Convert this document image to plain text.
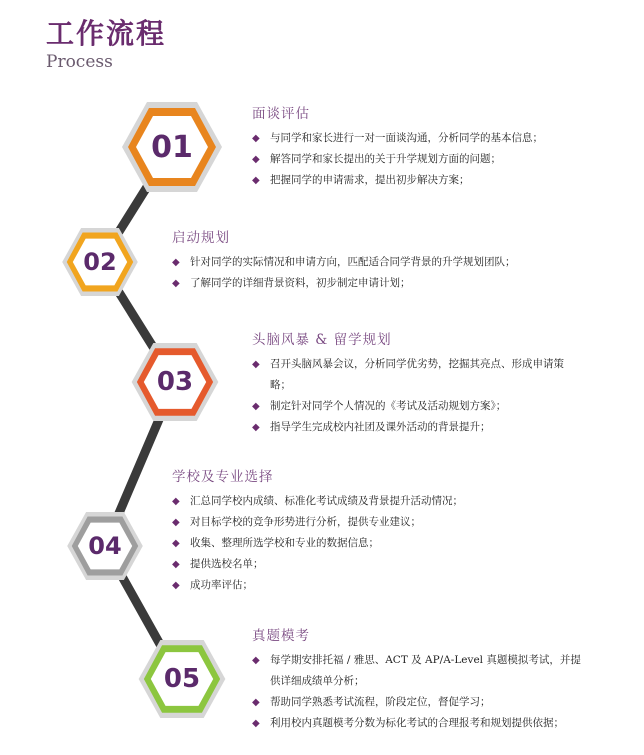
工作流程
Process
01
02
03
04
05
面谈评估
◆ 与同学和家长进行一对一面谈沟通，分析同学的基本信息；
◆ 解答同学和家长提出的关于升学规划方面的问题；
◆ 把握同学的申请需求，提出初步解决方案；
启动规划
◆ 针对同学的实际情况和申请方向，匹配适合同学背景的升学规划团队；
◆ 了解同学的详细背景资料，初步制定申请计划；
头脑风暴 & 留学规划
◆ 召开头脑风暴会议，分析同学优劣势，挖掘其亮点、形成申请策略；
◆ 制定针对同学个人情况的《考试及活动规划方案》；
◆ 指导学生完成校内社团及课外活动的背景提升；
学校及专业选择
◆ 汇总同学校内成绩、标准化考试成绩及背景提升活动情况；
◆ 对目标学校的竞争形势进行分析，提供专业建议；
◆ 收集、整理所选学校和专业的数据信息；
◆ 提供选校名单；
◆ 成功率评估；
真题模考
◆ 每学期安排托福 / 雅思、ACT 及 AP/A-Level 真题模拟考试，并提供详细成绩单分析；
◆ 帮助同学熟悉考试流程，阶段定位，督促学习；
◆ 利用校内真题模考分数为标化考试的合理报考和规划提供依据；
